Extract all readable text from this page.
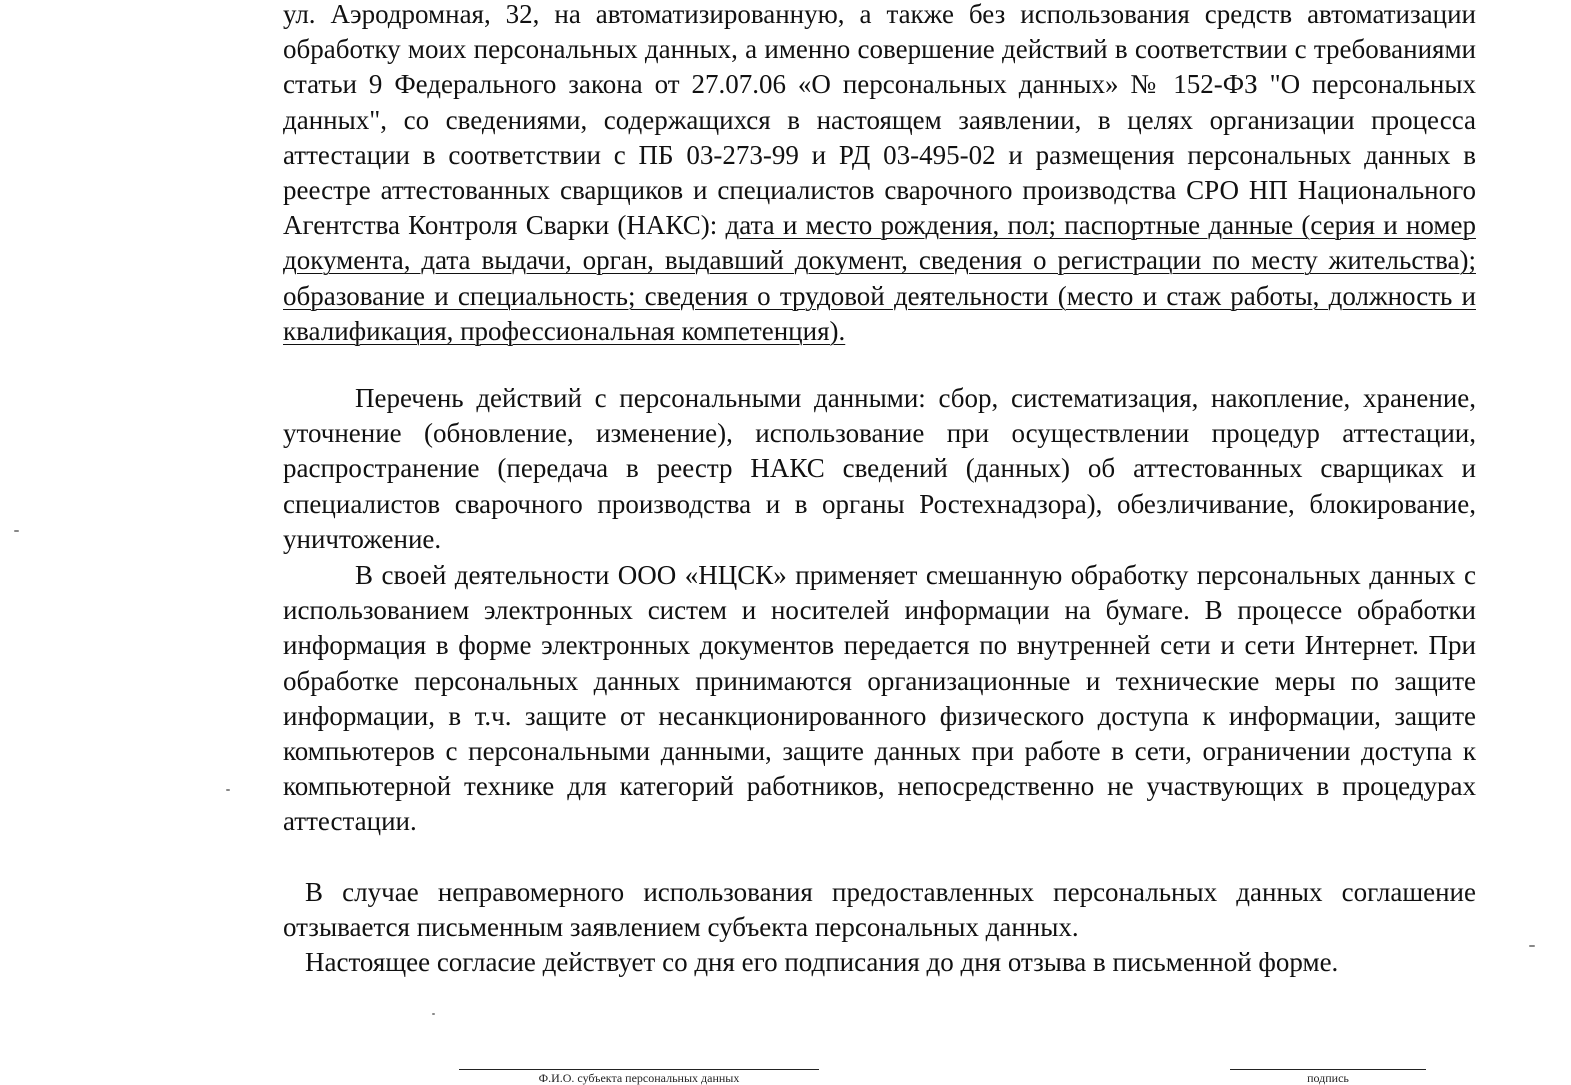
ул. Аэродромная, 32, на автоматизированную, а также без использования средств автоматизации обработку моих персональных данных, а именно совершение действий в соответствии с требованиями статьи 9 Федерального закона от 27.07.06 «О персональных данных» № 152-ФЗ "О персональных данных", со сведениями, содержащихся в настоящем заявлении, в целях организации процесса аттестации в соответствии с ПБ 03-273-99 и РД 03-495-02 и размещения персональных данных в реестре аттестованных сварщиков и специалистов сварочного производства СРО НП Национального Агентства Контроля Сварки (НАКС): дата и место рождения, пол; паспортные данные (серия и номер документа, дата выдачи, орган, выдавший документ, сведения о регистрации по месту жительства); образование и специальность; сведения о трудовой деятельности (место и стаж работы, должность и квалификация, профессиональная компетенция).

Перечень действий с персональными данными: сбор, систематизация, накопление, хранение, уточнение (обновление, изменение), использование при осуществлении процедур аттестации, распространение (передача в реестр НАКС сведений (данных) об аттестованных сварщиках и специалистов сварочного производства и в органы Ростехнадзора), обезличивание, блокирование, уничтожение.

В своей деятельности ООО «НЦСК» применяет смешанную обработку персональных данных с использованием электронных систем и носителей информации на бумаге. В процессе обработки информация в форме электронных документов передается по внутренней сети и сети Интернет. При обработке персональных данных принимаются организационные и технические меры по защите информации, в т.ч. защите от несанкционированного физического доступа к информации, защите компьютеров с персональными данными, защите данных при работе в сети, ограничении доступа к компьютерной технике для категорий работников, непосредственно не участвующих в процедурах аттестации.

В случае неправомерного использования предоставленных персональных данных соглашение отзывается письменным заявлением субъекта персональных данных.

Настоящее согласие действует со дня его подписания до дня отзыва в письменной форме.

Ф.И.О. субъекта персональных данных	подпись
